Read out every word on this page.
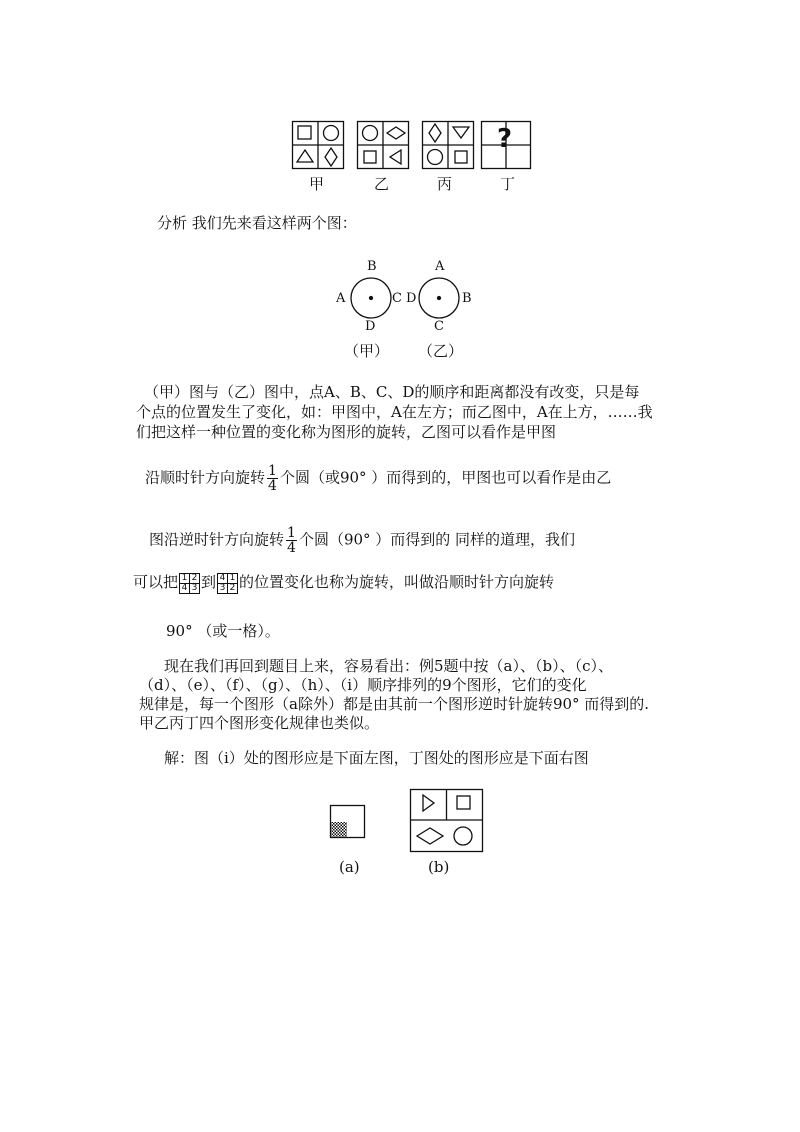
?
甲	乙	丙	丁
分析 我们先来看这样两个图：
B
A	C
D
A
D	B
C
（甲） （乙）
（甲）图与（乙）图中，点A、B、C、D的顺序和距离都没有改变，只是每
个点的位置发生了变化，如：甲图中，A在左方；而乙图中，A在上方，……我
们把这样一种位置的变化称为图形的旋转，乙图可以看作是甲图
沿顺时针方向旋转 $\frac{1}{4}$ 个圆（或90° ）而得到的，甲图也可以看作是由乙
图沿逆时针方向旋转 $\frac{1}{4}$ 个圆（90° ）而得到的 同样的道理，我们
可以把 1	2
4	3 到 4	1
3	2 的位置变化也称为旋转，叫做沿顺时针方向旋转
90° （或一格）。
现在我们再回到题目上来，容易看出：例5题中按（a）、（b）、（c）、
（d）、（e）、（f）、（g）、（h）、（i）顺序排列的9个图形，它们的变化
规律是，每一个图形（a除外）都是由其前一个图形逆时针旋转90° 而得到的.
甲乙丙丁四个图形变化规律也类似。
解：图（i）处的图形应是下面左图，丁图处的图形应是下面右图
(a)	(b)
